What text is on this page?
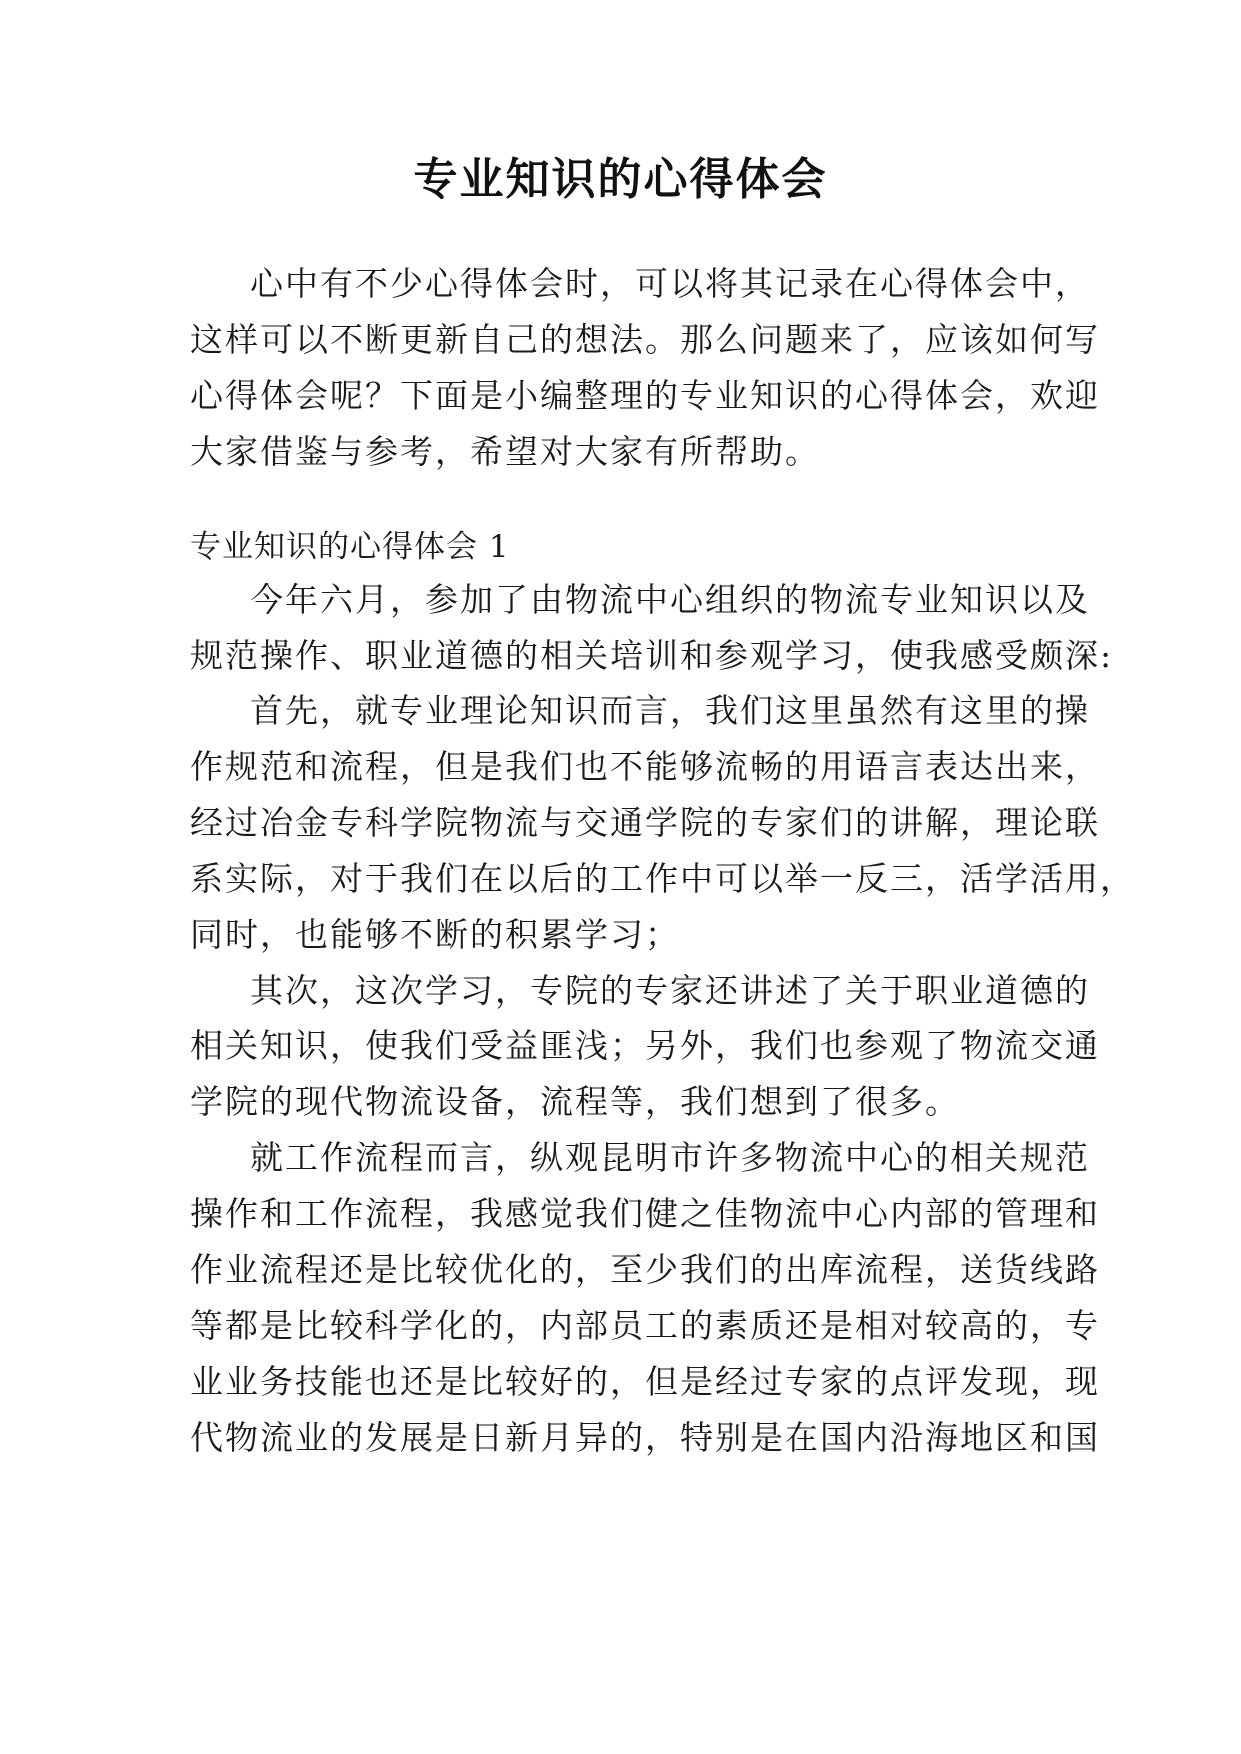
专业知识的心得体会
心中有不少心得体会时，可以将其记录在心得体会中，
这样可以不断更新自己的想法。那么问题来了，应该如何写
心得体会呢？下面是小编整理的专业知识的心得体会，欢迎
大家借鉴与参考，希望对大家有所帮助。
专业知识的心得体会 1
今年六月，参加了由物流中心组织的物流专业知识以及
规范操作、职业道德的相关培训和参观学习，使我感受颇深:
首先，就专业理论知识而言，我们这里虽然有这里的操
作规范和流程，但是我们也不能够流畅的用语言表达出来，
经过冶金专科学院物流与交通学院的专家们的讲解，理论联
系实际，对于我们在以后的工作中可以举一反三，活学活用，
同时，也能够不断的积累学习；
其次，这次学习，专院的专家还讲述了关于职业道德的
相关知识，使我们受益匪浅；另外，我们也参观了物流交通
学院的现代物流设备，流程等，我们想到了很多。
就工作流程而言，纵观昆明市许多物流中心的相关规范
操作和工作流程，我感觉我们健之佳物流中心内部的管理和
作业流程还是比较优化的，至少我们的出库流程，送货线路
等都是比较科学化的，内部员工的素质还是相对较高的，专
业业务技能也还是比较好的，但是经过专家的点评发现，现
代物流业的发展是日新月异的，特别是在国内沿海地区和国
